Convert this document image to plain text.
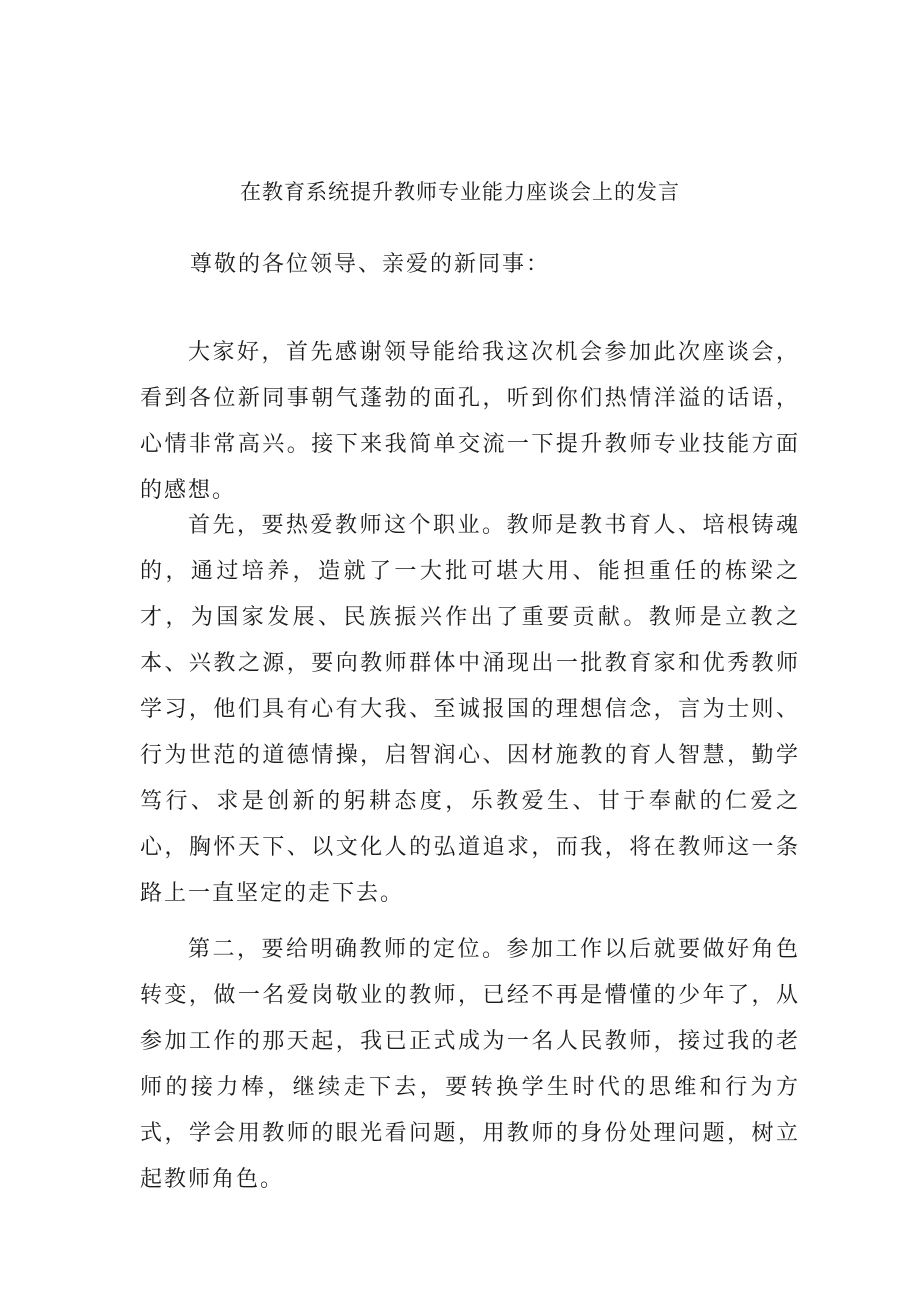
在教育系统提升教师专业能力座谈会上的发言
尊敬的各位领导、亲爱的新同事：

大家好，首先感谢领导能给我这次机会参加此次座谈会，看到各位新同事朝气蓬勃的面孔，听到你们热情洋溢的话语，心情非常高兴。接下来我简单交流一下提升教师专业技能方面的感想。

首先，要热爱教师这个职业。教师是教书育人、培根铸魂的，通过培养，造就了一大批可堪大用、能担重任的栋梁之才，为国家发展、民族振兴作出了重要贡献。教师是立教之本、兴教之源，要向教师群体中涌现出一批教育家和优秀教师学习，他们具有心有大我、至诚报国的理想信念，言为士则、行为世范的道德情操，启智润心、因材施教的育人智慧，勤学笃行、求是创新的躬耕态度，乐教爱生、甘于奉献的仁爱之心，胸怀天下、以文化人的弘道追求，而我，将在教师这一条路上一直坚定的走下去。

第二，要给明确教师的定位。参加工作以后就要做好角色转变，做一名爱岗敬业的教师，已经不再是懵懂的少年了，从参加工作的那天起，我已正式成为一名人民教师，接过我的老师的接力棒，继续走下去，要转换学生时代的思维和行为方式，学会用教师的眼光看问题，用教师的身份处理问题，树立起教师角色。
